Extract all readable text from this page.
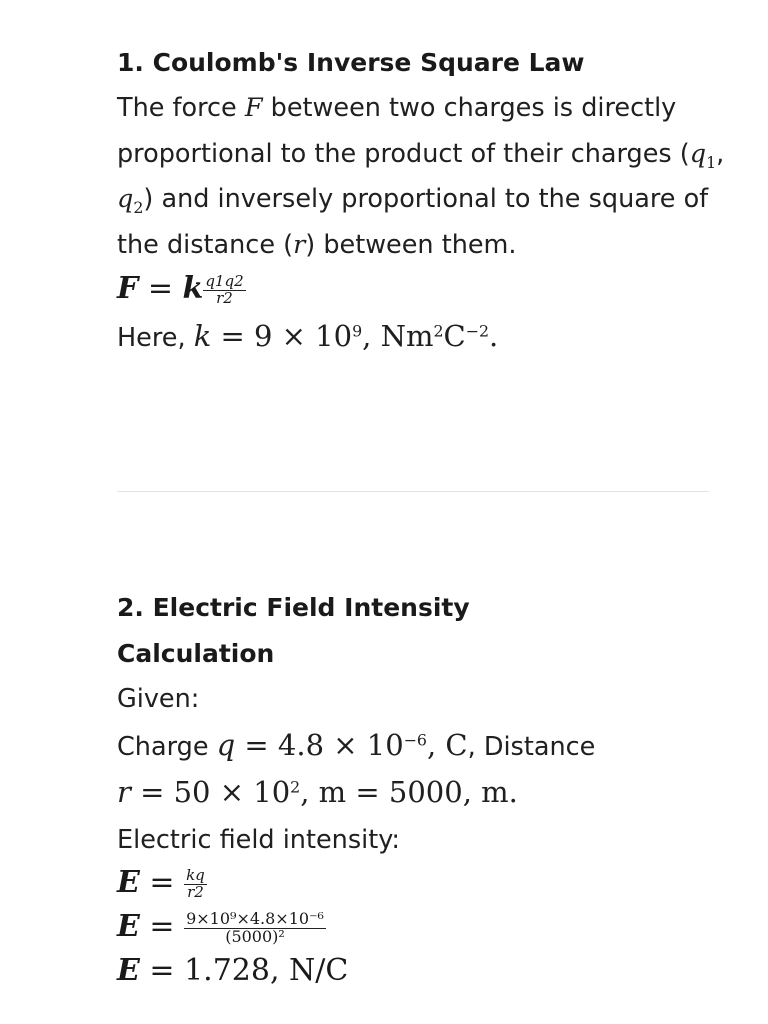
1. Coulomb's Inverse Square Law
The force F between two charges is directly proportional to the product of their charges ($q_1$, $q_2$) and inversely proportional to the square of the distance (r) between them.
F = k $\frac{q1q2}{r2}$
Here, $k = 9 \times 10^9$, $Nm^2C^{-2}$.
2. Electric Field Intensity Calculation
Given:
Charge $q = 4.8 \times 10^{-6}$, C, Distance
$r = 50 \times 10^2$, m = 5000, m.
Electric field intensity:
$E = \frac{kq}{r2}$
$E = \frac{\text{9×10⁹×4.8×10⁻⁶}}{\text{(5000)²}}$
E = 1.728, N/C
